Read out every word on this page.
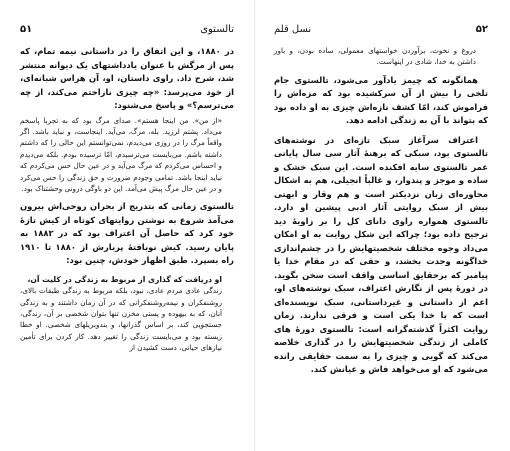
تالستوی
۵۱

در ۱۸۸۰، و این اتفاق را در داستانی نیمه تمام، که پس از مرگش با عنوان یادداشتهای یک دیوانه منتشر شد، شرح داد. راوی داستان، او، آن هراس شبانه‌ای، از خود می‌پرسد: «چه چیزی ناراحتم می‌کند، از چه می‌ترسم؟» و پاسخ می‌شنود:

«از من». من اینجا هستم». صدای مرگ بود که به تجربا پاسخم می‌داد. پشتم لرزید. بله، مرگ، می‌آید. اینجاست، و نباید باشد. اگر واقعاً مرگ را در روزی می‌دیدم، نمی‌توانستم این حالی را که داشتم داشته باشم. می‌بایست می‌ترسیدم، امّا ترسیده بودم. بلکه می‌دیدم و احساس می‌کردم که مرگ می‌آید و در عین حال حس می‌کردم که نباید اینجا باشد. تمامی وجودم ضرورت و حق زندگی را حس می‌کرد و در عین حال مرگ پیش می‌آمد. این دو باوگی درونی وحشتناک بود.

تالستوی زمانی که بتدریج از بحران روحی‌اش بیرون می‌آمد شروع به نوشتن روایتهای کوتاه از کیش تازهٔ خود کرد که حاصل آن اعتراف بود که در ۱۸۸۲ به پایان رسید. کیش نوبافتهٔ پربارش از ۱۸۸۰ تا ۱۹۱۰ راه بسپرد. طبق اظهار خودش، چنین بود:

او دریافت که گذاری از مربوط به زندگی در کلیت آن،

زندگی عادی مردم عادی، نبود، بلکه مربوط به زندگی طبقات بالای، روشنفکران و نیمه‌روشنفکرانی که در آن زمان داشتند و به زندگی آنان، که به بیهوده و پستی مخزن تنها بتوان شخصی بر آن، زندگی، جستجویی کند، بر اساس گذرانها، و بندوبریلهای شخصی. او خطا زیسته بود و می‌بایست زندگی را تغییر دهد. کار کردن برای تأمین نیازهای حیاتی، دست کشیدن از

۵۲
نسل قلم

دروغ و نخوت، برآوردن خواستهای معمولی، ساده بودن، و باور داشتن به خدا، شادی در اینهاست.

همانگونه که چیمز یادآور می‌شود، تالستوی جام تلخی را بیش از آن سرکشیده بود که مزه‌اش را فراموش کند، امّا کشف نازه‌اش چیزی به او داده بود که بتواند با آن به زندگی ادامه دهد.

اعتراف سرآغاز سبک تازه‌ای در نوشته‌های تالستوی بود، سبکی که برهنهٔ آثار سی سال پایانی عمر تالستوی سایه افکنده است. این سبک خشک و ساده و موجز و پندوار، و غالباً انجیلی، هم به اشکال محاوره‌ای زبان نزدیکتر است و هم وقار و ابهتی بیش از سبک روایتی آثار ادبی پیشین او دارد. تالستوی همواره راوی دانای کل را بر زاویهٔ دید ترجیح داده بود؛ چراکه این شکل روایت به او امکان می‌داد وجوه مختلف شخصیتهایش را در چشم‌اندازی خداگونه وحدت بخشد، و حقی که در مقام خدا یا پیامبر که برحقایق اساسی واقف است سخن بگوید. در دورهٔ پس از نگارش اعتراف، سبک نوشته‌های او، اعم از داستانی و غیرداستانی، سبک نویسنده‌ای است که با خدا یکی است و فرقی ندارند. زمان روایت اکثراً گذشته‌گرانه است: تالستوی دورهٔ های کاملی از زندگی شخصیتهایش را در گذاری خلاصه می‌کند که گویی و چیزی را به سمت حقایقی رانده می‌شود که او می‌خواهد فاش و عیانش کند.
